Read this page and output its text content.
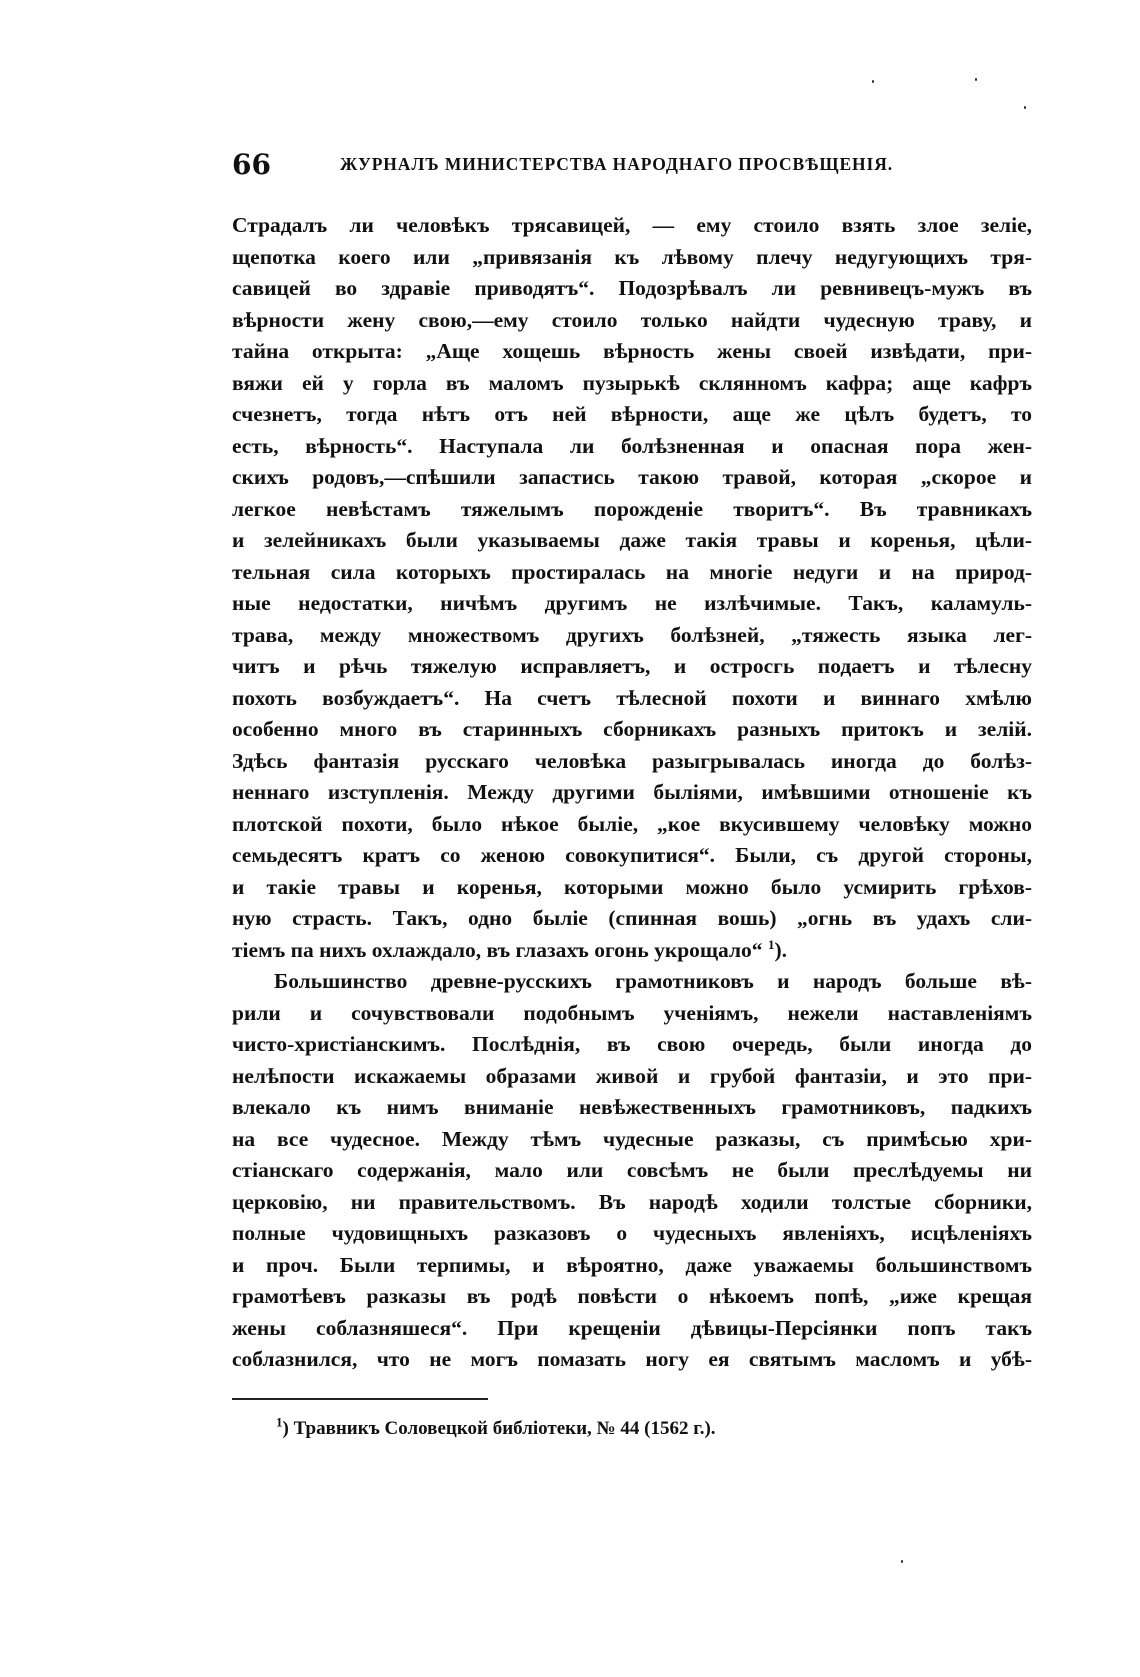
66	ЖУРНАЛЪ МИНИСТЕРСТВА НАРОДНАГО ПРОСВѢЩЕНІЯ.
Страдалъ ли человѣкъ трясавицей, — ему стоило взять злое зеліе,
щепотка коего или „привязанія къ лѣвому плечу недугующихъ тря-
савицей во здравіе приводятъ“. Подозрѣвалъ ли ревнивецъ-мужъ въ
вѣрности жену свою,—ему стоило только найдти чудесную траву, и
тайна открыта: „Аще хощешь вѣрность жены своей извѣдати, при-
вяжи ей у горла въ маломъ пузырькѣ склянномъ кафра; аще кафръ
счезнетъ, тогда нѣтъ отъ ней вѣрности, аще же цѣлъ будетъ, то
есть, вѣрность“. Наступала ли болѣзненная и опасная пора жен-
скихъ родовъ,—спѣшили запастись такою травой, которая „скорое и
легкое невѣстамъ тяжелымъ порожденіе творитъ“. Въ травникахъ
и зелейникахъ были указываемы даже такія травы и коренья, цѣли-
тельная сила которыхъ простиралась на многіе недуги и на природ-
ные недостатки, ничѣмъ другимъ не излѣчимые. Такъ, каламуль-
трава, между множествомъ другихъ болѣзней, „тяжесть языка лег-
читъ и рѣчь тяжелую исправляетъ, и остросгь подаетъ и тѣлесну
похоть возбуждаетъ“. На счетъ тѣлесной похоти и виннаго хмѣлю
особенно много въ старинныхъ сборникахъ разныхъ притокъ и зелій.
Здѣсь фантазія русскаго человѣка разыгрывалась иногда до болѣз-
неннаго изступленія. Между другими быліями, имѣвшими отношеніе къ
плотской похоти, было нѣкое быліе, „кое вкусившему человѣку можно
семьдесятъ кратъ со женою совокупитися“. Были, съ другой стороны,
и такіе травы и коренья, которыми можно было усмирить грѣхов-
ную страсть. Такъ, одно быліе (спинная вошь) „огнь въ удахъ сли-
тіемъ па нихъ охлаждало, въ глазахъ огонь укрощало“ $^1$).
Большинство древне-русскихъ грамотниковъ и народъ больше вѣ-
рили и сочувствовали подобнымъ ученіямъ, нежели наставленіямъ
чисто-христіанскимъ. Послѣднія, въ свою очередь, были иногда до
нелѣпости искажаемы образами живой и грубой фантазіи, и это при-
влекало къ нимъ вниманіе невѣжественныхъ грамотниковъ, падкихъ
на все чудесное. Между тѣмъ чудесные разказы, съ примѣсью хри-
стіанскаго содержанія, мало или совсѣмъ не были преслѣдуемы ни
церковію, ни правительствомъ. Въ народѣ ходили толстые сборники,
полные чудовищныхъ разказовъ о чудесныхъ явленіяхъ, исцѣленіяхъ
и проч. Были терпимы, и вѣроятно, даже уважаемы большинствомъ
грамотѣевъ разказы въ родѣ повѣсти о нѣкоемъ попѣ, „иже крещая
жены соблазняшеся“. При крещеніи дѣвицы-Персіянки попъ такъ
соблазнился, что не могъ помазать ногу ея святымъ масломъ и убѣ-
$^1$) Травникъ Соловецкой библіотеки, № 44 (1562 г.).
